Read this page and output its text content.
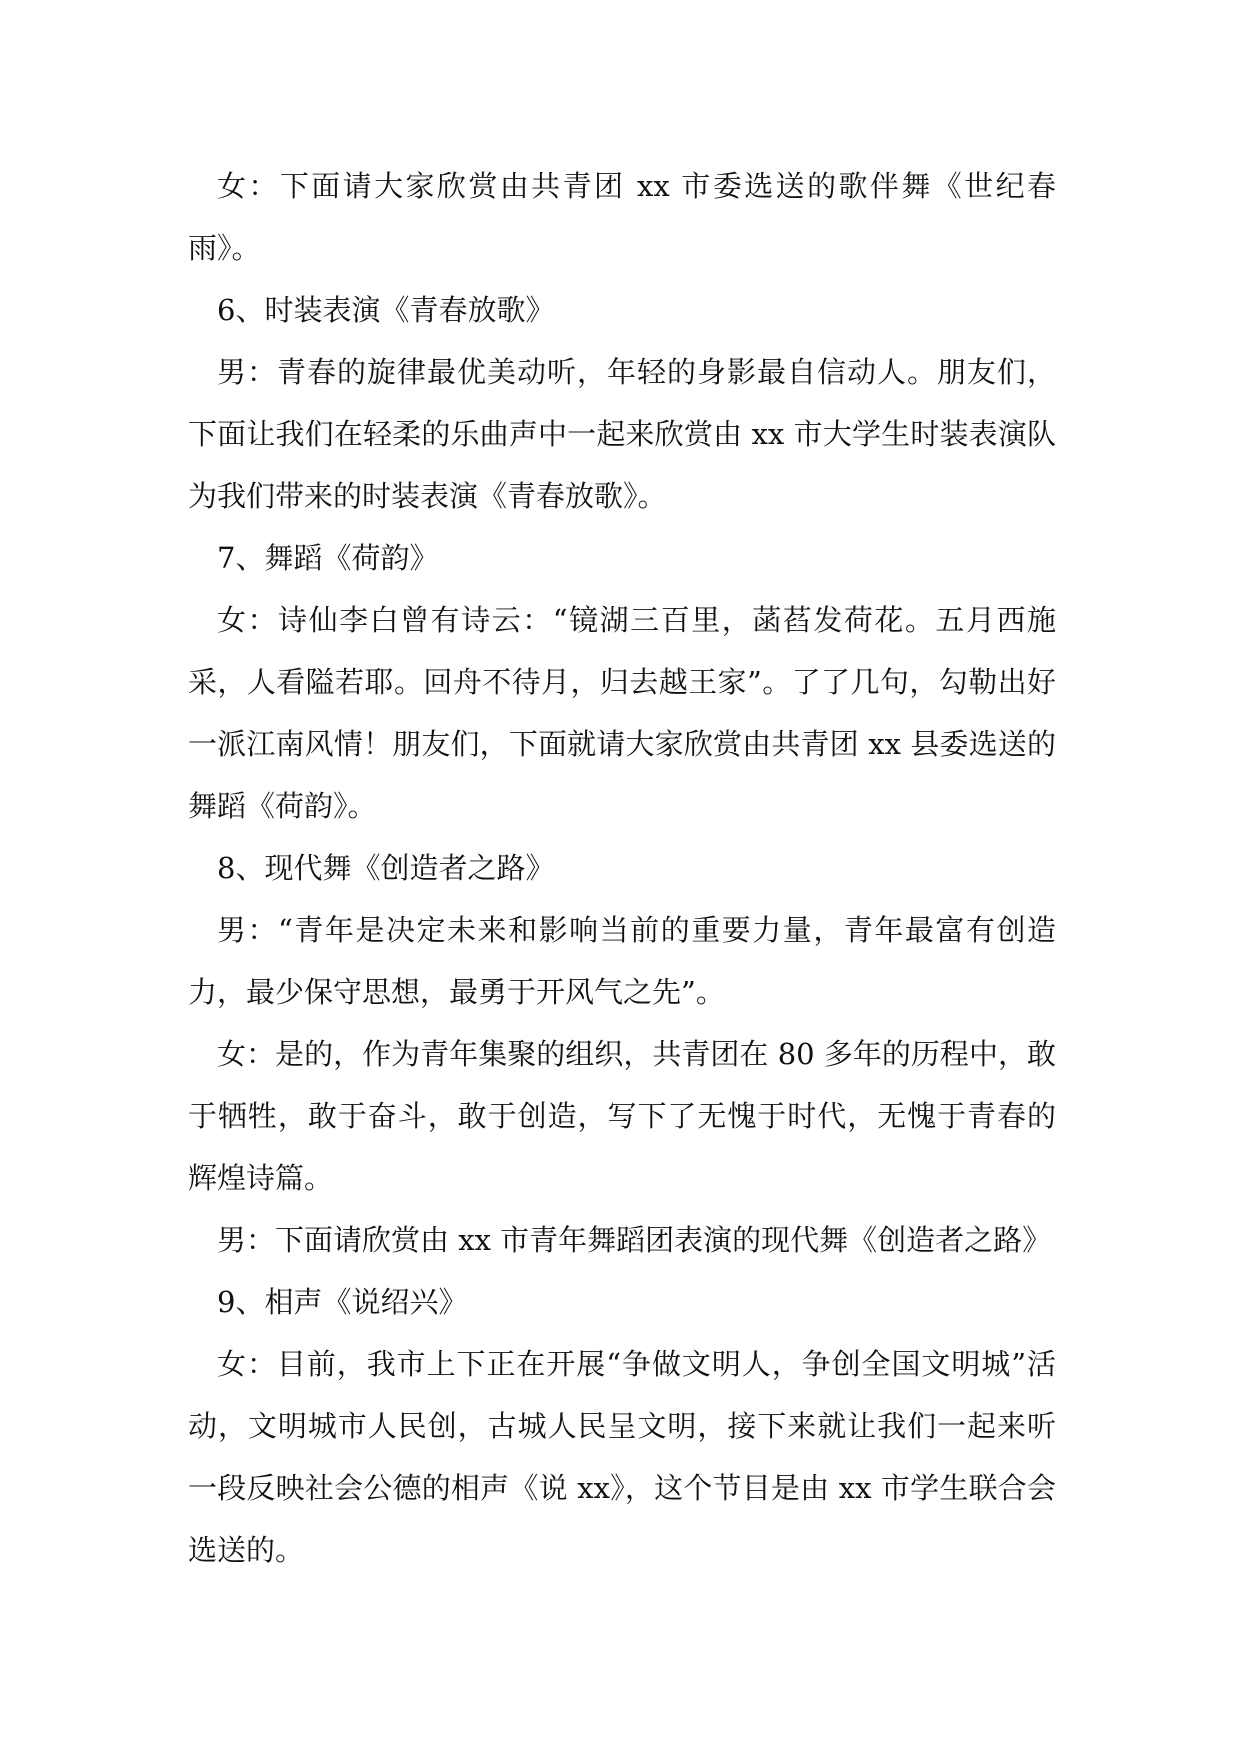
女：下面请大家欣赏由共青团 xx 市委选送的歌伴舞《世纪春雨》。

6、时装表演《青春放歌》

男：青春的旋律最优美动听，年轻的身影最自信动人。朋友们，下面让我们在轻柔的乐曲声中一起来欣赏由 xx 市大学生时装表演队为我们带来的时装表演《青春放歌》。

7、舞蹈《荷韵》

女：诗仙李白曾有诗云：“镜湖三百里，菡萏发荷花。五月西施采，人看隘若耶。回舟不待月，归去越王家”。了了几句，勾勒出好一派江南风情！朋友们，下面就请大家欣赏由共青团 xx 县委选送的舞蹈《荷韵》。

8、现代舞《创造者之路》

男：“青年是决定未来和影响当前的重要力量，青年最富有创造力，最少保守思想，最勇于开风气之先”。

女：是的，作为青年集聚的组织，共青团在 80 多年的历程中，敢于牺牲，敢于奋斗，敢于创造，写下了无愧于时代，无愧于青春的辉煌诗篇。

男：下面请欣赏由 xx 市青年舞蹈团表演的现代舞《创造者之路》

9、相声《说绍兴》

女：目前，我市上下正在开展“争做文明人，争创全国文明城”活动，文明城市人民创，古城人民呈文明，接下来就让我们一起来听一段反映社会公德的相声《说 xx》，这个节目是由 xx 市学生联合会选送的。
